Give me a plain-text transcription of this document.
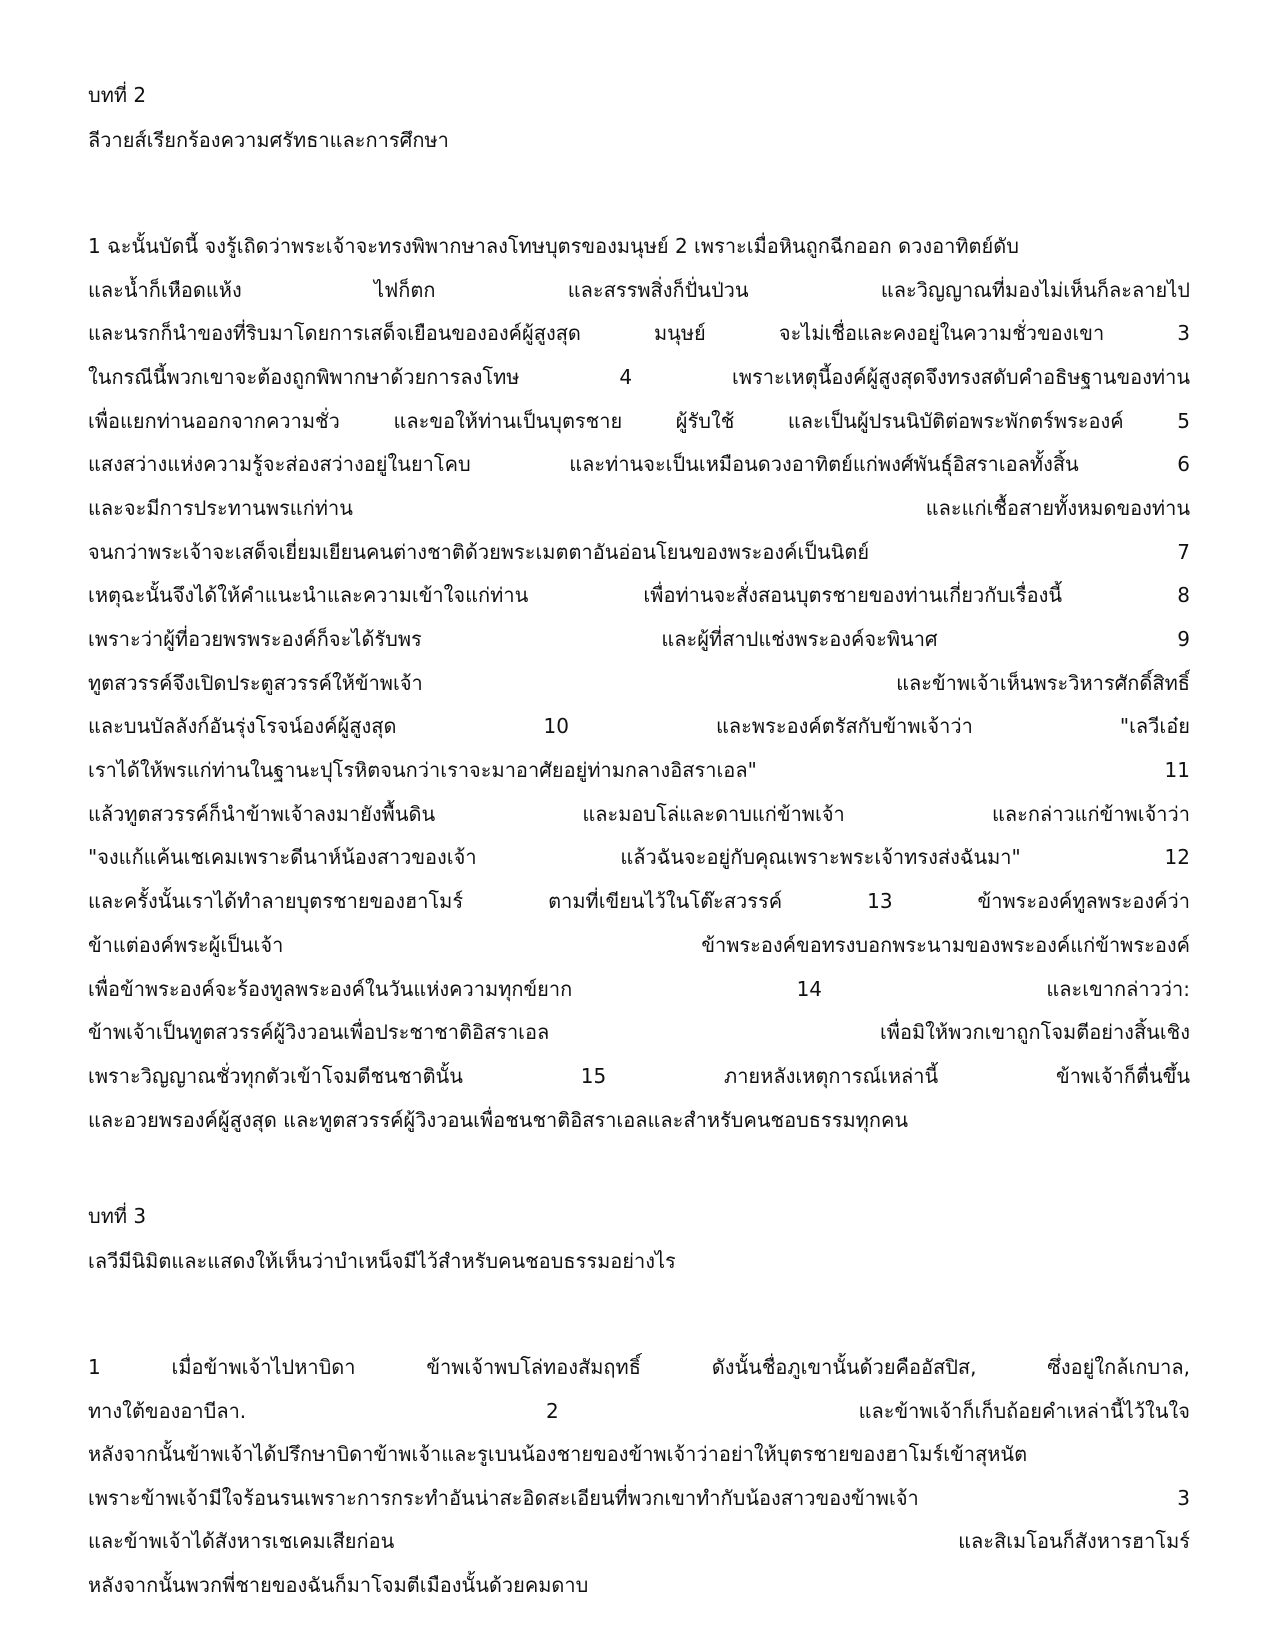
บทที่ 2
ลีวายส์เรียกร้องความศรัทธาและการศึกษา
1 ฉะนั้นบัดนี้ จงรู้เถิดว่าพระเจ้าจะทรงพิพากษาลงโทษบุตรของมนุษย์ 2 เพราะเมื่อหินถูกฉีกออก ดวงอาทิตย์ดับ
และน้ำก็เหือดแห้ง	ไฟก็ตก	และสรรพสิ่งก็ปั่นป่วน	และวิญญาณที่มองไม่เห็นก็ละลายไป
และนรกก็นำของที่ริบมาโดยการเสด็จเยือนขององค์ผู้สูงสุด	มนุษย์	จะไม่เชื่อและคงอยู่ในความชั่วของเขา	3
ในกรณีนี้พวกเขาจะต้องถูกพิพากษาด้วยการลงโทษ	4	เพราะเหตุนี้องค์ผู้สูงสุดจึงทรงสดับคำอธิษฐานของท่าน
เพื่อแยกท่านออกจากความชั่ว	และขอให้ท่านเป็นบุตรชาย	ผู้รับใช้	และเป็นผู้ปรนนิบัติต่อพระพักตร์พระองค์	5
แสงสว่างแห่งความรู้จะส่องสว่างอยู่ในยาโคบ	และท่านจะเป็นเหมือนดวงอาทิตย์แก่พงศ์พันธุ์อิสราเอลทั้งสิ้น	6
และจะมีการประทานพรแก่ท่าน	และแก่เชื้อสายทั้งหมดของท่าน
จนกว่าพระเจ้าจะเสด็จเยี่ยมเยียนคนต่างชาติด้วยพระเมตตาอันอ่อนโยนของพระองค์เป็นนิตย์	7
เหตุฉะนั้นจึงได้ให้คำแนะนำและความเข้าใจแก่ท่าน	เพื่อท่านจะสั่งสอนบุตรชายของท่านเกี่ยวกับเรื่องนี้	8
เพราะว่าผู้ที่อวยพรพระองค์ก็จะได้รับพร	และผู้ที่สาปแช่งพระองค์จะพินาศ	9
ทูตสวรรค์จึงเปิดประตูสวรรค์ให้ข้าพเจ้า	และข้าพเจ้าเห็นพระวิหารศักดิ์สิทธิ์
และบนบัลลังก์อันรุ่งโรจน์องค์ผู้สูงสุด	10	และพระองค์ตรัสกับข้าพเจ้าว่า	"เลวีเอ๋ย
เราได้ให้พรแก่ท่านในฐานะปุโรหิตจนกว่าเราจะมาอาศัยอยู่ท่ามกลางอิสราเอล"	11
แล้วทูตสวรรค์ก็นำข้าพเจ้าลงมายังพื้นดิน	และมอบโล่และดาบแก่ข้าพเจ้า	และกล่าวแก่ข้าพเจ้าว่า
"จงแก้แค้นเชเคมเพราะดีนาห์น้องสาวของเจ้า	แล้วฉันจะอยู่กับคุณเพราะพระเจ้าทรงส่งฉันมา"	12
และครั้งนั้นเราได้ทำลายบุตรชายของฮาโมร์	ตามที่เขียนไว้ในโต๊ะสวรรค์	13	ข้าพระองค์ทูลพระองค์ว่า
ข้าแต่องค์พระผู้เป็นเจ้า	ข้าพระองค์ขอทรงบอกพระนามของพระองค์แก่ข้าพระองค์
เพื่อข้าพระองค์จะร้องทูลพระองค์ในวันแห่งความทุกข์ยาก	14	และเขากล่าวว่า:
ข้าพเจ้าเป็นทูตสวรรค์ผู้วิงวอนเพื่อประชาชาติอิสราเอล	เพื่อมิให้พวกเขาถูกโจมตีอย่างสิ้นเชิง
เพราะวิญญาณชั่วทุกตัวเข้าโจมตีชนชาตินั้น	15	ภายหลังเหตุการณ์เหล่านี้	ข้าพเจ้าก็ตื่นขึ้น
และอวยพรองค์ผู้สูงสุด และทูตสวรรค์ผู้วิงวอนเพื่อชนชาติอิสราเอลและสำหรับคนชอบธรรมทุกคน
บทที่ 3
เลวีมีนิมิตและแสดงให้เห็นว่าบำเหน็จมีไว้สำหรับคนชอบธรรมอย่างไร
1	เมื่อข้าพเจ้าไปหาบิดา	ข้าพเจ้าพบโล่ทองสัมฤทธิ์	ดังนั้นชื่อภูเขานั้นด้วยคืออัสปิส,	ซึ่งอยู่ใกล้เกบาล,
ทางใต้ของอาบีลา.	2	และข้าพเจ้าก็เก็บถ้อยคำเหล่านี้ไว้ในใจ
หลังจากนั้นข้าพเจ้าได้ปรึกษาบิดาข้าพเจ้าและรูเบนน้องชายของข้าพเจ้าว่าอย่าให้บุตรชายของฮาโมร์เข้าสุหนัต
เพราะข้าพเจ้ามีใจร้อนรนเพราะการกระทำอันน่าสะอิดสะเอียนที่พวกเขาทำกับน้องสาวของข้าพเจ้า	3
และข้าพเจ้าได้สังหารเชเคมเสียก่อน	และสิเมโอนก็สังหารฮาโมร์
หลังจากนั้นพวกพี่ชายของฉันก็มาโจมตีเมืองนั้นด้วยคมดาบ
